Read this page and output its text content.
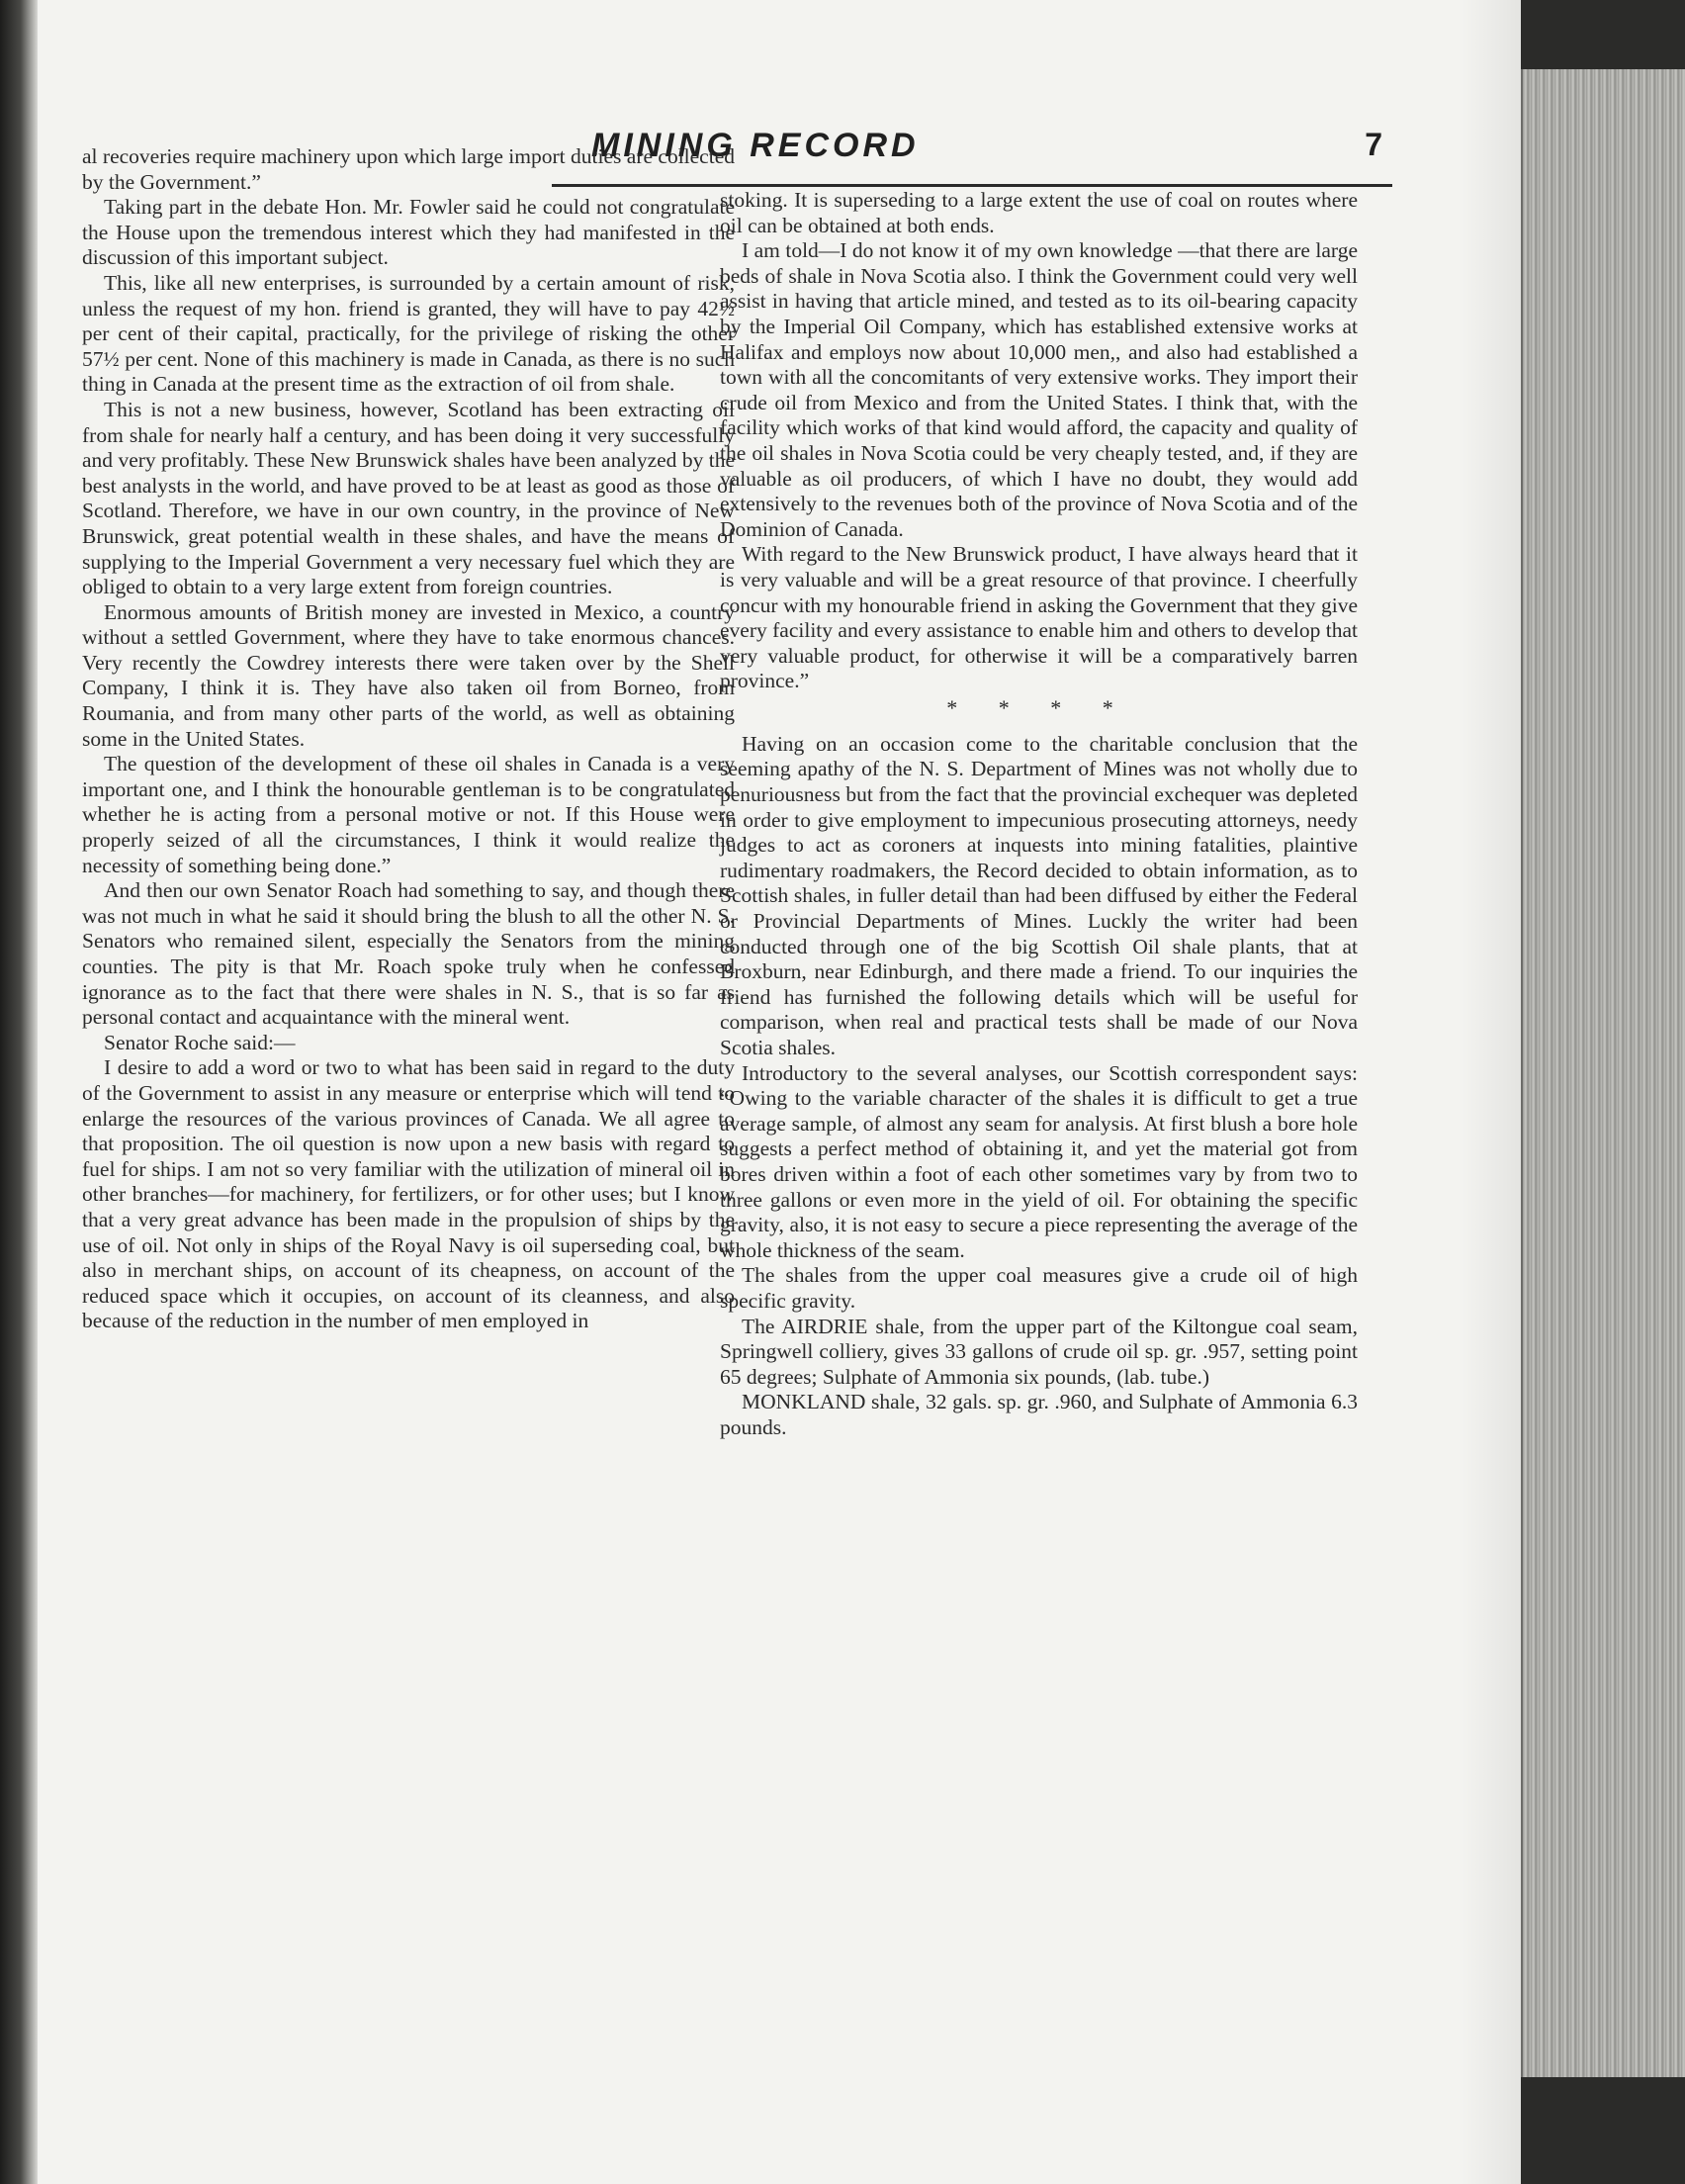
MINING RECORD	7

al recoveries require machinery upon which large import duties are collected by the Government.”

Taking part in the debate Hon. Mr. Fowler said he could not congratulate the House upon the tremendous interest which they had manifested in the discussion of this important subject.

This, like all new enterprises, is surrounded by a certain amount of risk, unless the request of my hon. friend is granted, they will have to pay 42½ per cent of their capital, practically, for the privilege of risking the other 57½ per cent. None of this machinery is made in Canada, as there is no such thing in Canada at the present time as the extraction of oil from shale.

This is not a new business, however, Scotland has been extracting oil from shale for nearly half a century, and has been doing it very successfully and very profitably. These New Brunswick shales have been analyzed by the best analysts in the world, and have proved to be at least as good as those of Scotland. Therefore, we have in our own country, in the province of New Brunswick, great potential wealth in these shales, and have the means of supplying to the Imperial Government a very necessary fuel which they are obliged to obtain to a very large extent from foreign countries.

Enormous amounts of British money are invested in Mexico, a country without a settled Government, where they have to take enormous chances. Very recently the Cowdrey interests there were taken over by the Shell Company, I think it is. They have also taken oil from Borneo, from Roumania, and from many other parts of the world, as well as obtaining some in the United States.

The question of the development of these oil shales in Canada is a very important one, and I think the honourable gentleman is to be congratulated whether he is acting from a personal motive or not. If this House were properly seized of all the circumstances, I think it would realize the necessity of something being done.”

And then our own Senator Roach had something to say, and though there was not much in what he said it should bring the blush to all the other N. S. Senators who remained silent, especially the Senators from the mining counties. The pity is that Mr. Roach spoke truly when he confessed ignorance as to the fact that there were shales in N. S., that is so far as personal contact and acquaintance with the mineral went.

Senator Roche said:—

I desire to add a word or two to what has been said in regard to the duty of the Government to assist in any measure or enterprise which will tend to enlarge the resources of the various provinces of Canada. We all agree to that proposition. The oil question is now upon a new basis with regard to fuel for ships. I am not so very familiar with the utilization of mineral oil in other branches—for machinery, for fertilizers, or for other uses; but I know that a very great advance has been made in the propulsion of ships by the use of oil. Not only in ships of the Royal Navy is oil superseding coal, but also in merchant ships, on account of its cheapness, on account of the reduced space which it occupies, on account of its cleanness, and also because of the reduction in the number of men employed in

stoking. It is superseding to a large extent the use of coal on routes where oil can be obtained at both ends.

I am told—I do not know it of my own knowledge —that there are large beds of shale in Nova Scotia also. I think the Government could very well assist in having that article mined, and tested as to its oil-bearing capacity by the Imperial Oil Company, which has established extensive works at Halifax and employs now about 10,000 men,, and also had established a town with all the concomitants of very extensive works. They import their crude oil from Mexico and from the United States. I think that, with the facility which works of that kind would afford, the capacity and quality of the oil shales in Nova Scotia could be very cheaply tested, and, if they are valuable as oil producers, of which I have no doubt, they would add extensively to the revenues both of the province of Nova Scotia and of the Dominion of Canada.

With regard to the New Brunswick product, I have always heard that it is very valuable and will be a great resource of that province. I cheerfully concur with my honourable friend in asking the Government that they give every facility and every assistance to enable him and others to develop that very valuable product, for otherwise it will be a comparatively barren province.”

* * * *

Having on an occasion come to the charitable conclusion that the seeming apathy of the N. S. Department of Mines was not wholly due to penuriousness but from the fact that the provincial exchequer was depleted in order to give employment to impecunious prosecuting attorneys, needy judges to act as coroners at inquests into mining fatalities, plaintive rudimentary roadmakers, the Record decided to obtain information, as to Scottish shales, in fuller detail than had been diffused by either the Federal or Provincial Departments of Mines. Luckly the writer had been conducted through one of the big Scottish Oil shale plants, that at Broxburn, near Edinburgh, and there made a friend. To our inquiries the friend has furnished the following details which will be useful for comparison, when real and practical tests shall be made of our Nova Scotia shales.

Introductory to the several analyses, our Scottish correspondent says: “Owing to the variable character of the shales it is difficult to get a true average sample, of almost any seam for analysis. At first blush a bore hole suggests a perfect method of obtaining it, and yet the material got from bores driven within a foot of each other sometimes vary by from two to three gallons or even more in the yield of oil. For obtaining the specific gravity, also, it is not easy to secure a piece representing the average of the whole thickness of the seam.

The shales from the upper coal measures give a crude oil of high specific gravity.

The AIRDRIE shale, from the upper part of the Kiltongue coal seam, Springwell colliery, gives 33 gallons of crude oil sp. gr. .957, setting point 65 degrees; Sulphate of Ammonia six pounds, (lab. tube.)

MONKLAND shale, 32 gals. sp. gr. .960, and Sulphate of Ammonia 6.3 pounds.
